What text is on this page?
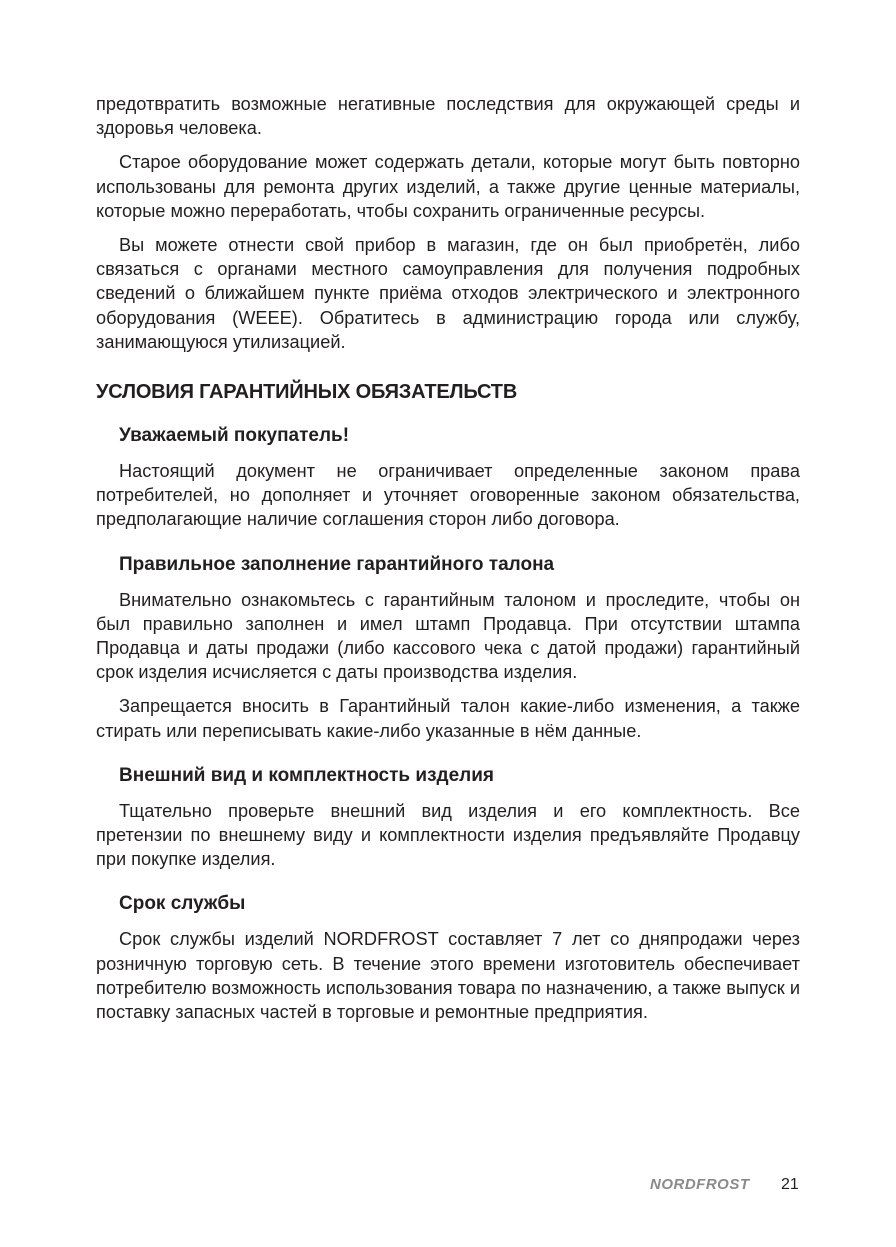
предотвратить возможные негативные последствия для окружающей среды и здоровья человека.

Старое оборудование может содержать детали, которые могут быть повторно использованы для ремонта других изделий, а также другие ценные материалы, которые можно переработать, чтобы сохранить ограниченные ресурсы.

Вы можете отнести свой прибор в магазин, где он был приобретён, либо связаться с органами местного самоуправления для получения подробных сведений о ближайшем пункте приёма отходов электрического и электронного оборудования (WEEE). Обратитесь в администрацию города или службу, занимающуюся утилизацией.

УСЛОВИЯ ГАРАНТИЙНЫХ ОБЯЗАТЕЛЬСТВ
Уважаемый покупатель!

Настоящий документ не ограничивает определенные законом права потребителей, но дополняет и уточняет оговоренные законом обязательства, предполагающие наличие соглашения сторон либо договора.

Правильное заполнение гарантийного талона

Внимательно ознакомьтесь с гарантийным талоном и проследите, чтобы он был правильно заполнен и имел штамп Продавца. При отсутствии штампа Продавца и даты продажи (либо кассового чека с датой продажи) гарантийный срок изделия исчисляется с даты производства изделия.

Запрещается вносить в Гарантийный талон какие-либо изменения, а также стирать или переписывать какие-либо указанные в нём данные.

Внешний вид и комплектность изделия

Тщательно проверьте внешний вид изделия и его комплектность. Все претензии по внешнему виду и комплектности изделия предъявляйте Продавцу при покупке изделия.

Срок службы

Срок службы изделий NORDFROST составляет 7 лет со дняпродажи через розничную торговую сеть. В течение этого времени изготовитель обеспечивает потребителю возможность использования товара по назначению, а также выпуск и поставку запасных частей в торговые и ремонтные предприятия.

NORDFROST 21
